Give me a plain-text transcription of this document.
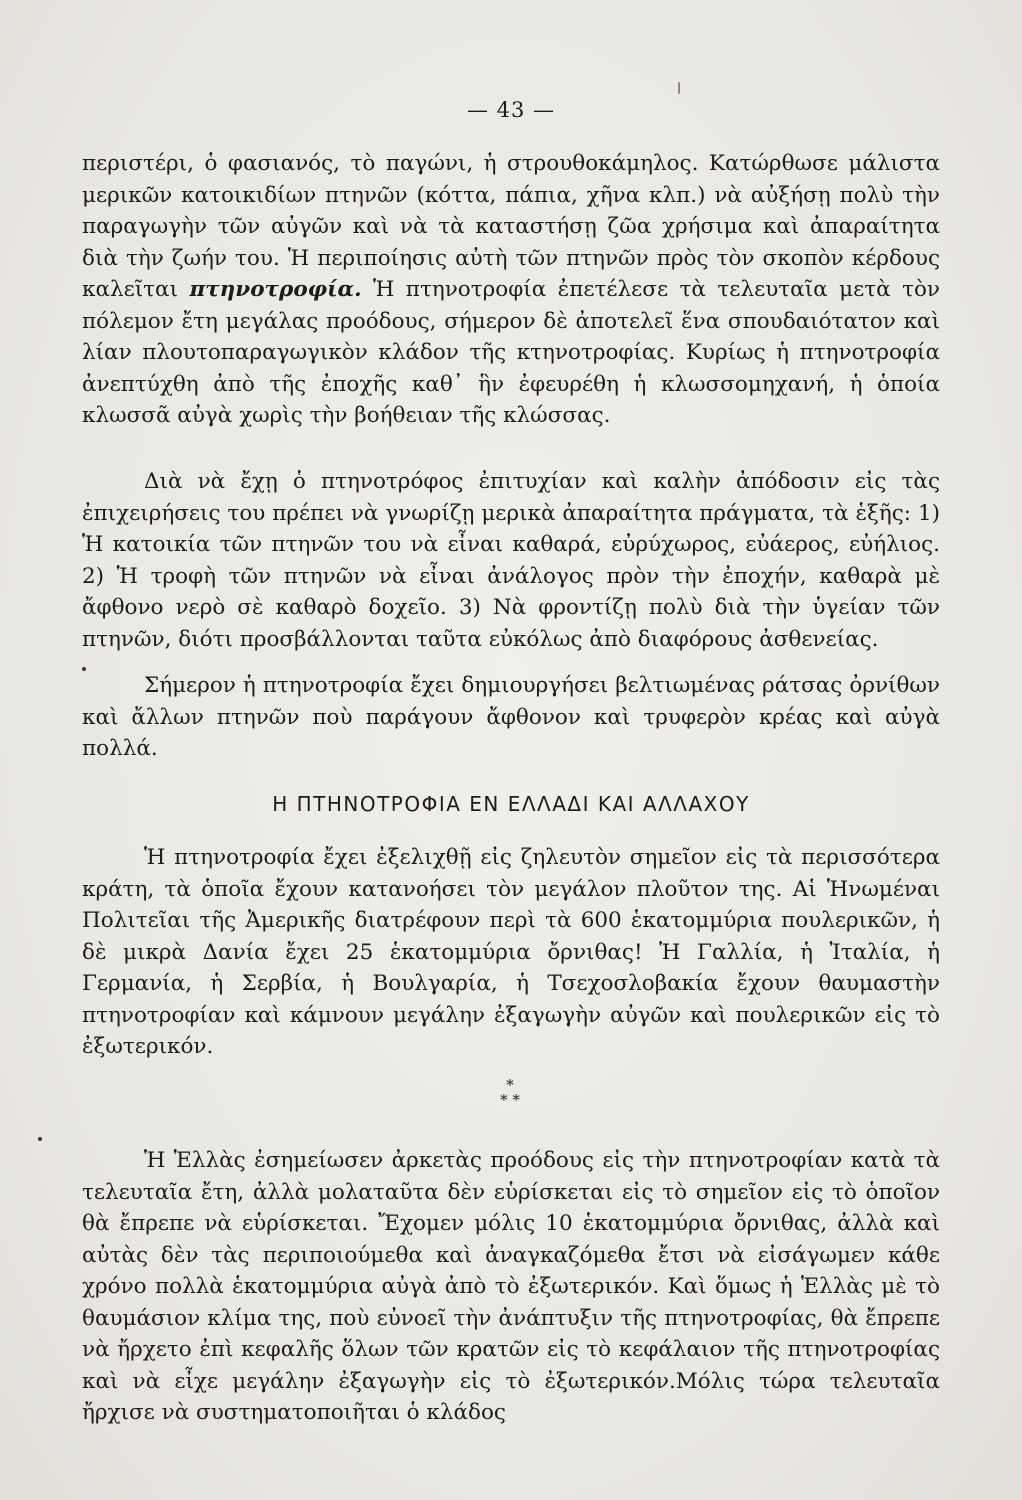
— 43 —

περιστέρι, ὁ φασιανός, τὸ παγώνι, ἡ στρουθοκάμηλος. Κατώρθωσε μάλιστα μερικῶν κατοικιδίων πτηνῶν (κόττα, πάπια, χῆνα κλπ.) νὰ αὐξήσῃ πολὺ τὴν παραγωγὴν τῶν αὐγῶν καὶ νὰ τὰ καταστήσῃ ζῶα χρήσιμα καὶ ἀπαραίτητα διὰ τὴν ζωήν του. Ἡ περιποίησις αὐτὴ τῶν πτηνῶν πρὸς τὸν σκοπὸν κέρδους καλεῖται πτηνοτροφία. Ἡ πτηνοτροφία ἐπετέλεσε τὰ τελευταῖα μετὰ τὸν πόλεμον ἔτη μεγάλας προόδους, σήμερον δὲ ἀποτελεῖ ἕνα σπουδαιότατον καὶ λίαν πλουτοπαραγωγικὸν κλάδον τῆς κτηνοτροφίας. Κυρίως ἡ πτηνοτροφία ἀνεπτύχθη ἀπὸ τῆς ἐποχῆς καθ᾽ ἣν ἐφευρέθη ἡ κλωσσομηχανή, ἡ ὁποία κλωσσᾶ αὐγὰ χωρὶς τὴν βοήθειαν τῆς κλώσσας.

Διὰ νὰ ἔχῃ ὁ πτηνοτρόφος ἐπιτυχίαν καὶ καλὴν ἀπόδοσιν εἰς τὰς ἐπιχειρήσεις του πρέπει νὰ γνωρίζῃ μερικὰ ἀπαραίτητα πράγματα, τὰ ἑξῆς: 1) Ἡ κατοικία τῶν πτηνῶν του νὰ εἶναι καθαρά, εὐρύχωρος, εὐάερος, εὐήλιος. 2) Ἡ τροφὴ τῶν πτηνῶν νὰ εἶναι ἀνάλογος πρὸν τὴν ἐποχήν, καθαρὰ μὲ ἄφθονο νερὸ σὲ καθαρὸ δοχεῖο. 3) Νὰ φροντίζῃ πολὺ διὰ τὴν ὑγείαν τῶν πτηνῶν, διότι προσβάλλονται ταῦτα εὐκόλως ἀπὸ διαφόρους ἀσθενείας.

Σήμερον ἡ πτηνοτροφία ἔχει δημιουργήσει βελτιωμένας ράτσας ὀρνίθων καὶ ἄλλων πτηνῶν ποὺ παράγουν ἄφθονον καὶ τρυφερὸν κρέας καὶ αὐγὰ πολλά.

Η ΠΤΗΝΟΤΡΟΦΙΑ ΕΝ ΕΛΛΑΔΙ ΚΑΙ ΑΛΛΑΧΟΥ

Ἡ πτηνοτροφία ἔχει ἐξελιχθῇ εἰς ζηλευτὸν σημεῖον εἰς τὰ περισσότερα κράτη, τὰ ὁποῖα ἔχουν κατανοήσει τὸν μεγάλον πλοῦτον της. Αἱ Ἡνωμέναι Πολιτεῖαι τῆς Ἀμερικῆς διατρέφουν περὶ τὰ 600 ἑκατομμύρια πουλερικῶν, ἡ δὲ μικρὰ Δανία ἔχει 25 ἑκατομμύρια ὄρνιθας! Ἡ Γαλλία, ἡ Ἰταλία, ἡ Γερμανία, ἡ Σερβία, ἡ Βουλγαρία, ἡ Τσεχοσλοβακία ἔχουν θαυμαστὴν πτηνοτροφίαν καὶ κάμνουν μεγάλην ἐξαγωγὴν αὐγῶν καὶ πουλερικῶν εἰς τὸ ἐξωτερικόν.

*
* *

Ἡ Ἑλλὰς ἐσημείωσεν ἀρκετὰς προόδους εἰς τὴν πτηνοτροφίαν κατὰ τὰ τελευταῖα ἔτη, ἀλλὰ μολαταῦτα δὲν εὑρίσκεται εἰς τὸ σημεῖον εἰς τὸ ὁποῖον θὰ ἔπρεπε νὰ εὑρίσκεται. Ἔχομεν μόλις 10 ἑκατομμύρια ὄρνιθας, ἀλλὰ καὶ αὐτὰς δὲν τὰς περιποιούμεθα καὶ ἀναγκαζόμεθα ἔτσι νὰ εἰσάγωμεν κάθε χρόνο πολλὰ ἑκατομμύρια αὐγὰ ἀπὸ τὸ ἐξωτερικόν. Καὶ ὅμως ἡ Ἑλλὰς μὲ τὸ θαυμάσιον κλίμα της, ποὺ εὐνοεῖ τὴν ἀνάπτυξιν τῆς πτηνοτροφίας, θὰ ἔπρεπε νὰ ἤρχετο ἐπὶ κεφαλῆς ὅλων τῶν κρατῶν εἰς τὸ κεφάλαιον τῆς πτηνοτροφίας καὶ νὰ εἶχε μεγάλην ἐξαγωγὴν εἰς τὸ ἐξωτερικόν.Μόλις τώρα τελευταῖα ἤρχισε νὰ συστηματοποιῆται ὁ κλάδος
